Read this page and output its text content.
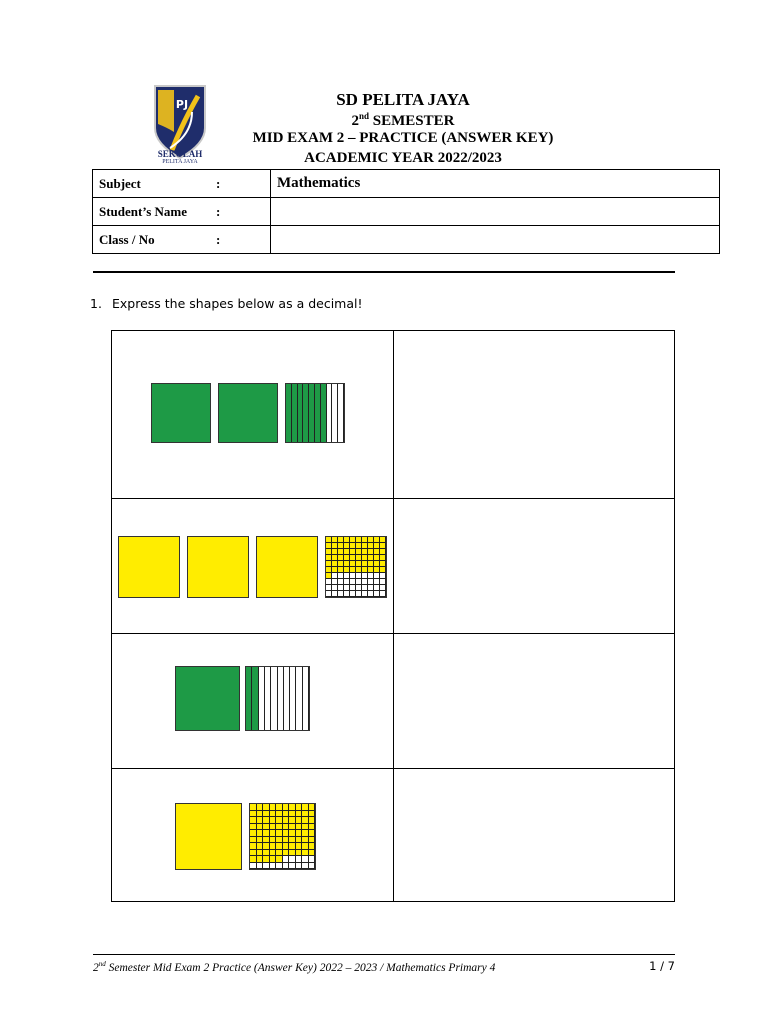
PJ
SEKOLAH
PELITA JAYA
SD PELITA JAYA
2nd SEMESTER
MID EXAM 2 – PRACTICE (ANSWER KEY)
ACADEMIC YEAR 2022/2023
Subject :	Mathematics
Student’s Name :	

Class / No :	

1. Express the shapes below as a decimal!
2nd Semester Mid Exam 2 Practice (Answer Key) 2022 – 2023 / Mathematics Primary 4	1 / 7
